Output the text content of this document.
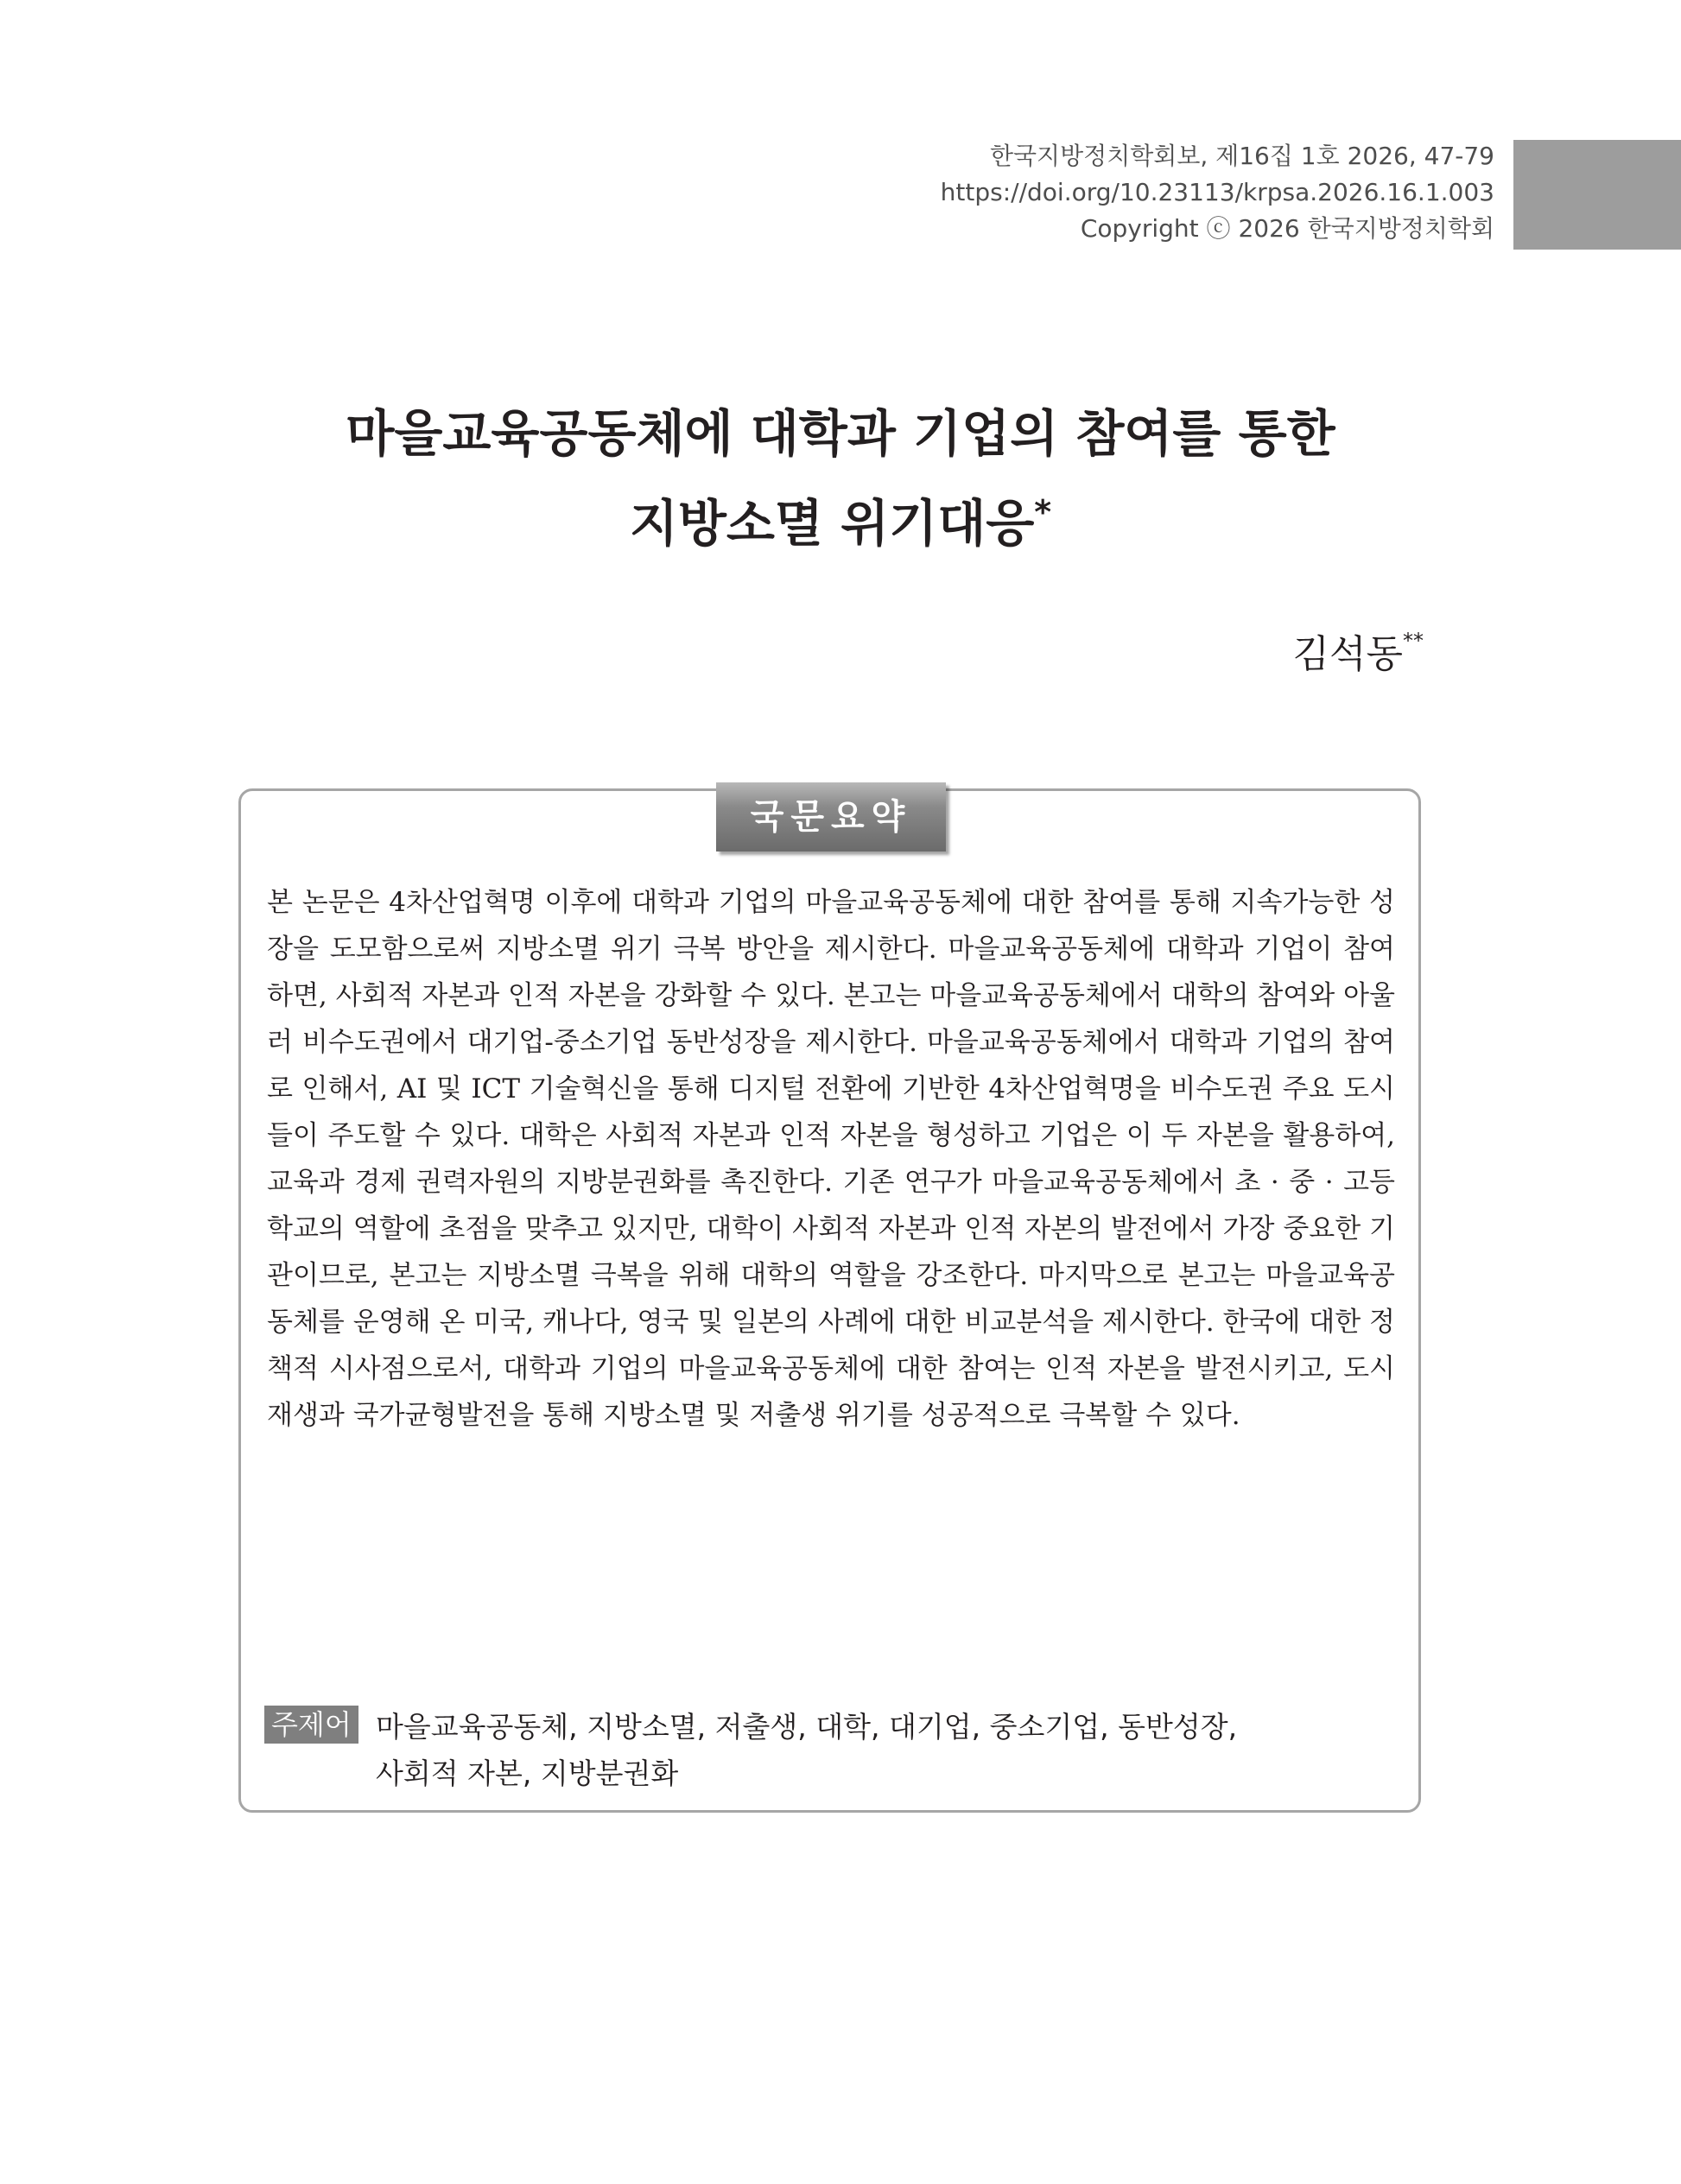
한국지방정치학회보, 제16집 1호 2026, 47-79
https://doi.org/10.23113/krpsa.2026.16.1.003
Copyright ⓒ 2026 한국지방정치학회
마을교육공동체에 대학과 기업의 참여를 통한
지방소멸 위기대응*
김석동**
국문요약

본 논문은 4차산업혁명 이후에 대학과 기업의 마을교육공동체에 대한 참여를 통해 지속가능한 성장을 도모함으로써 지방소멸 위기 극복 방안을 제시한다. 마을교육공동체에 대학과 기업이 참여하면, 사회적 자본과 인적 자본을 강화할 수 있다. 본고는 마을교육공동체에서 대학의 참여와 아울러 비수도권에서 대기업-중소기업 동반성장을 제시한다. 마을교육공동체에서 대학과 기업의 참여로 인해서, AI 및 ICT 기술혁신을 통해 디지털 전환에 기반한 4차산업혁명을 비수도권 주요 도시들이 주도할 수 있다. 대학은 사회적 자본과 인적 자본을 형성하고 기업은 이 두 자본을 활용하여, 교육과 경제 권력자원의 지방분권화를 촉진한다. 기존 연구가 마을교육공동체에서 초 · 중 · 고등학교의 역할에 초점을 맞추고 있지만, 대학이 사회적 자본과 인적 자본의 발전에서 가장 중요한 기관이므로, 본고는 지방소멸 극복을 위해 대학의 역할을 강조한다. 마지막으로 본고는 마을교육공동체를 운영해 온 미국, 캐나다, 영국 및 일본의 사례에 대한 비교분석을 제시한다. 한국에 대한 정책적 시사점으로서, 대학과 기업의 마을교육공동체에 대한 참여는 인적 자본을 발전시키고, 도시재생과 국가균형발전을 통해 지방소멸 및 저출생 위기를 성공적으로 극복할 수 있다.

주제어 마을교육공동체, 지방소멸, 저출생, 대학, 대기업, 중소기업, 동반성장,
사회적 자본, 지방분권화
